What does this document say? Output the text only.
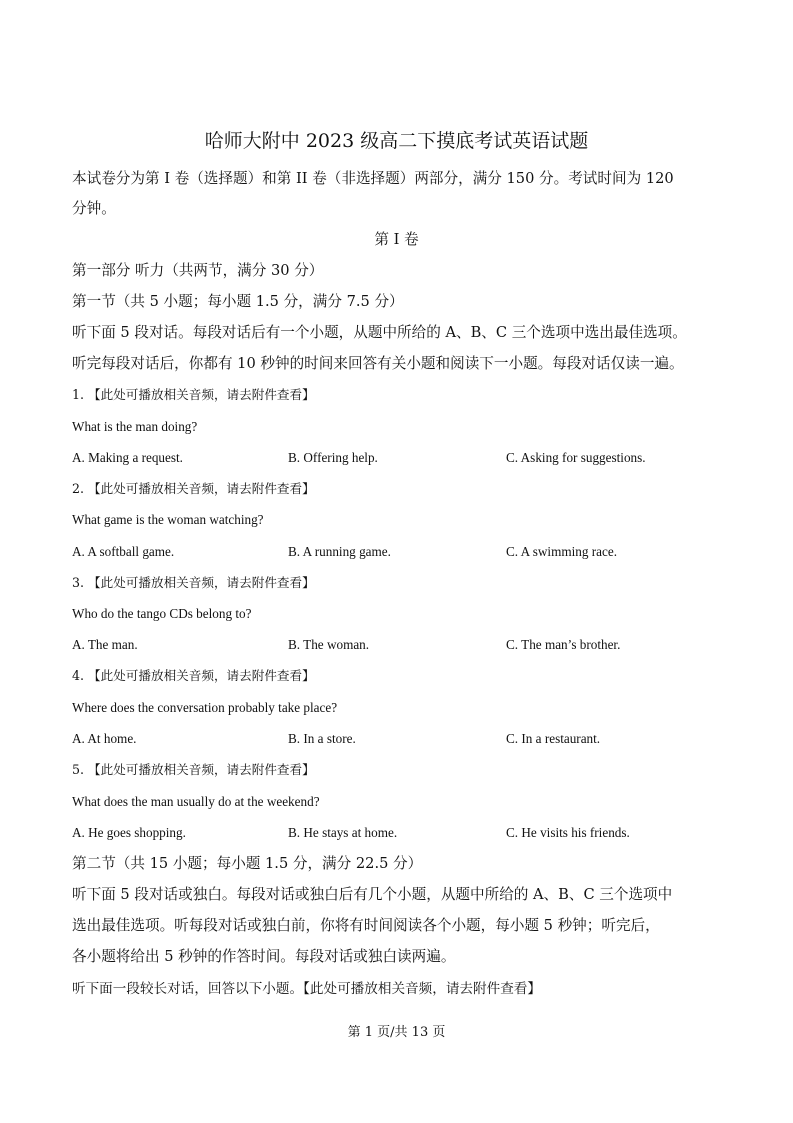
哈师大附中 2023 级高二下摸底考试英语试题
本试卷分为第 I 卷（选择题）和第 II 卷（非选择题）两部分，满分 150 分。考试时间为 120
分钟。
第 I 卷
第一部分 听力（共两节，满分 30 分）
第一节（共 5 小题；每小题 1.5 分，满分 7.5 分）
听下面 5 段对话。每段对话后有一个小题，从题中所给的 A、B、C 三个选项中选出最佳选项。
听完每段对话后，你都有 10 秒钟的时间来回答有关小题和阅读下一小题。每段对话仅读一遍。
1. 【此处可播放相关音频，请去附件查看】
What is the man doing?
A. Making a request.	B. Offering help.	C. Asking for suggestions.
2. 【此处可播放相关音频，请去附件查看】
What game is the woman watching?
A. A softball game.	B. A running game.	C. A swimming race.
3. 【此处可播放相关音频，请去附件查看】
Who do the tango CDs belong to?
A. The man.	B. The woman.	C. The man’s brother.
4. 【此处可播放相关音频，请去附件查看】
Where does the conversation probably take place?
A. At home.	B. In a store.	C. In a restaurant.
5. 【此处可播放相关音频，请去附件查看】
What does the man usually do at the weekend?
A. He goes shopping.	B. He stays at home.	C. He visits his friends.
第二节（共 15 小题；每小题 1.5 分，满分 22.5 分）
听下面 5 段对话或独白。每段对话或独白后有几个小题，从题中所给的 A、B、C 三个选项中
选出最佳选项。听每段对话或独白前，你将有时间阅读各个小题，每小题 5 秒钟；听完后，
各小题将给出 5 秒钟的作答时间。每段对话或独白读两遍。
听下面一段较长对话，回答以下小题。【此处可播放相关音频，请去附件查看】
第 1 页/共 13 页
